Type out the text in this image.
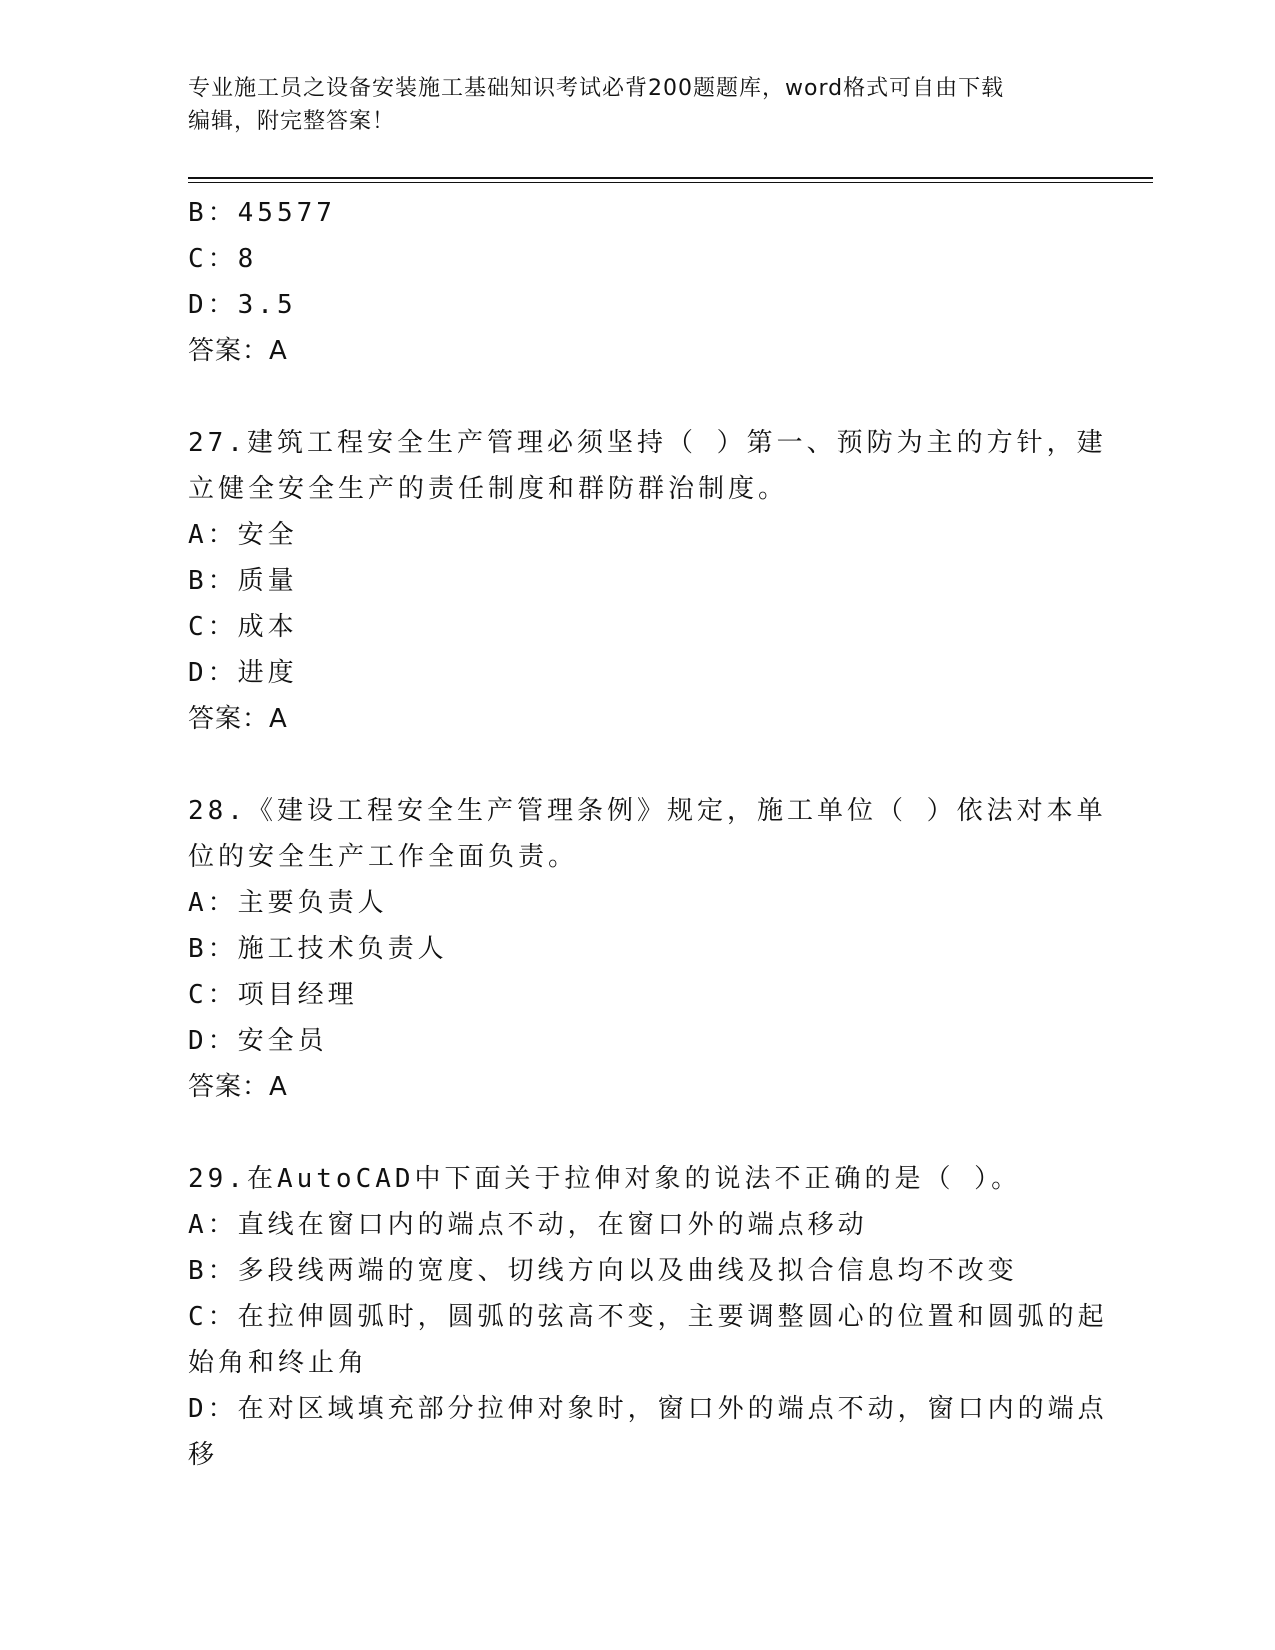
专业施工员之设备安装施工基础知识考试必背200题题库，word格式可自由下载
编辑，附完整答案！

B：45577

C：8

D：3.5

答案：A

27.建筑工程安全生产管理必须坚持（ ）第一、预防为主的方针，建

立健全安全生产的责任制度和群防群治制度。

A：安全

B：质量

C：成本

D：进度

答案：A

28.《建设工程安全生产管理条例》规定，施工单位（ ）依法对本单

位的安全生产工作全面负责。

A：主要负责人

B：施工技术负责人

C：项目经理

D：安全员

答案：A

29.在AutoCAD中下面关于拉伸对象的说法不正确的是（ ）。

A：直线在窗口内的端点不动，在窗口外的端点移动

B：多段线两端的宽度、切线方向以及曲线及拟合信息均不改变

C：在拉伸圆弧时，圆弧的弦高不变，主要调整圆心的位置和圆弧的起

始角和终止角

D：在对区域填充部分拉伸对象时，窗口外的端点不动，窗口内的端点

移
